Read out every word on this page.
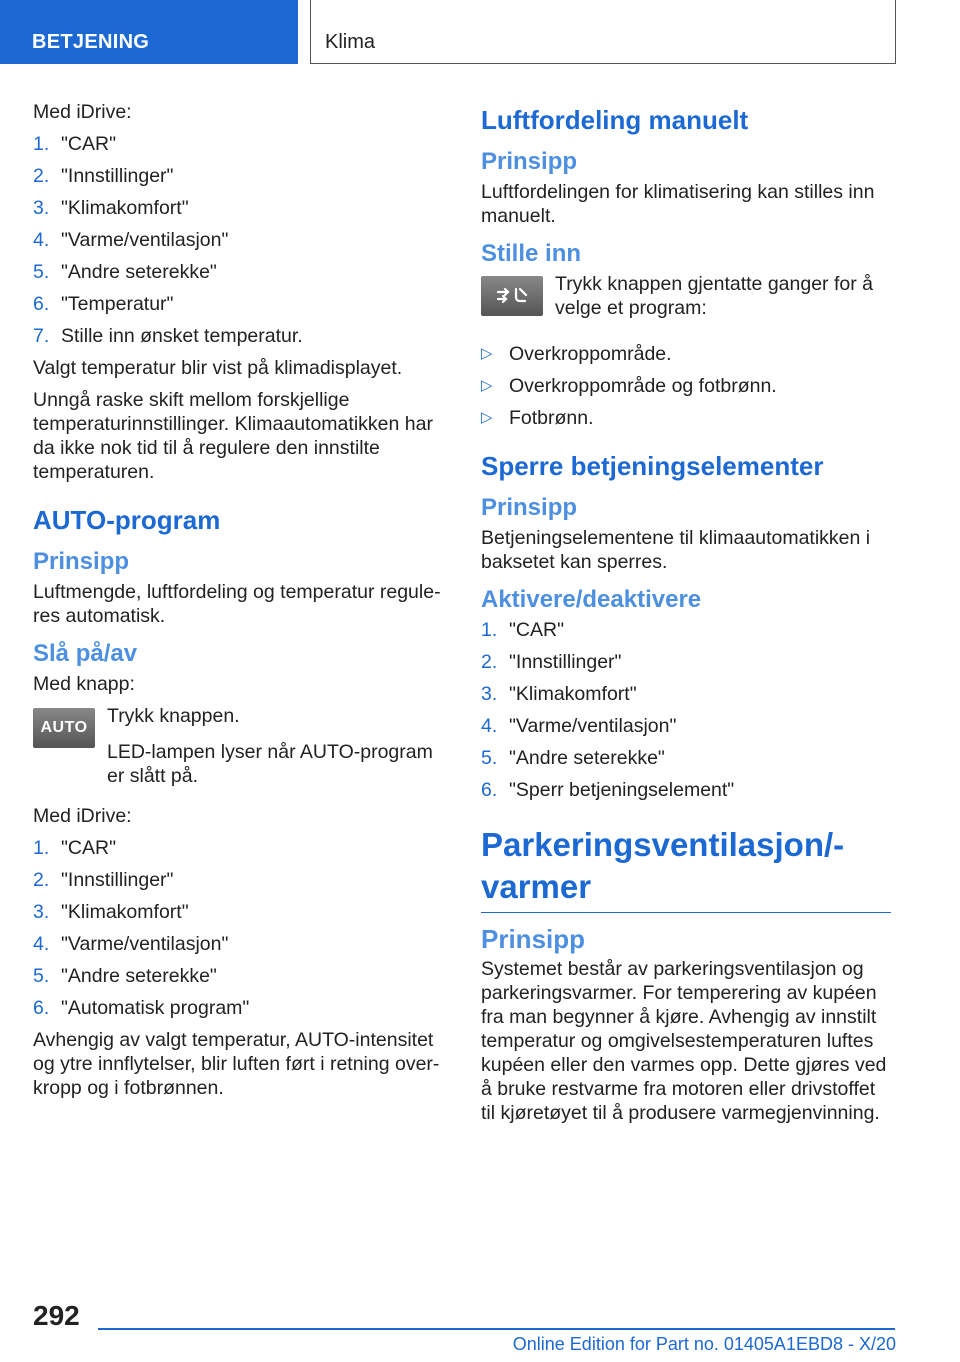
BETJENING	Klima

Med iDrive:

1. "CAR"
2. "Innstillinger"
3. "Klimakomfort"
4. "Varme/ventilasjon"
5. "Andre seterekke"
6. "Temperatur"
7. Stille inn ønsket temperatur.

Valgt temperatur blir vist på klimadisplayet.

Unngå raske skift mellom forskjellige temperaturinnstillinger. Klimaautomatikken har da ikke nok tid til å regulere den innstilte temperaturen.

AUTO-program
Prinsipp

Luftmengde, luftfordeling og temperatur reguleres automatisk.

Slå på/av

Med knapp:

AUTO

Trykk knappen.

LED-lampen lyser når AUTO-program er slått på.

Med iDrive:

1. "CAR"
2. "Innstillinger"
3. "Klimakomfort"
4. "Varme/ventilasjon"
5. "Andre seterekke"
6. "Automatisk program"

Avhengig av valgt temperatur, AUTO-intensitet og ytre innflytelser, blir luften ført i retning overkropp og i fotbrønnen.

Luftfordeling manuelt
Prinsipp

Luftfordelingen for klimatisering kan stilles inn manuelt.

Stille inn

Trykk knappen gjentatte ganger for å velge et program:

▷ Overkroppområde.
▷ Overkroppområde og fotbrønn.
▷ Fotbrønn.
Sperre betjeningselementer
Prinsipp

Betjeningselementene til klimaautomatikken i baksetet kan sperres.

Aktivere/deaktivere
1. "CAR"
2. "Innstillinger"
3. "Klimakomfort"
4. "Varme/ventilasjon"
5. "Andre seterekke"
6. "Sperr betjeningselement"
Parkeringsventilasjon/-varmer
Prinsipp

Systemet består av parkeringsventilasjon og parkeringsvarmer. For temperering av kupéen fra man begynner å kjøre. Avhengig av innstilt temperatur og omgivelsestemperaturen luftes kupéen eller den varmes opp. Dette gjøres ved å bruke restvarme fra motoren eller drivstoffet til kjøretøyet til å produsere varmegjenvinning.

292
Online Edition for Part no. 01405A1EBD8 - X/20
